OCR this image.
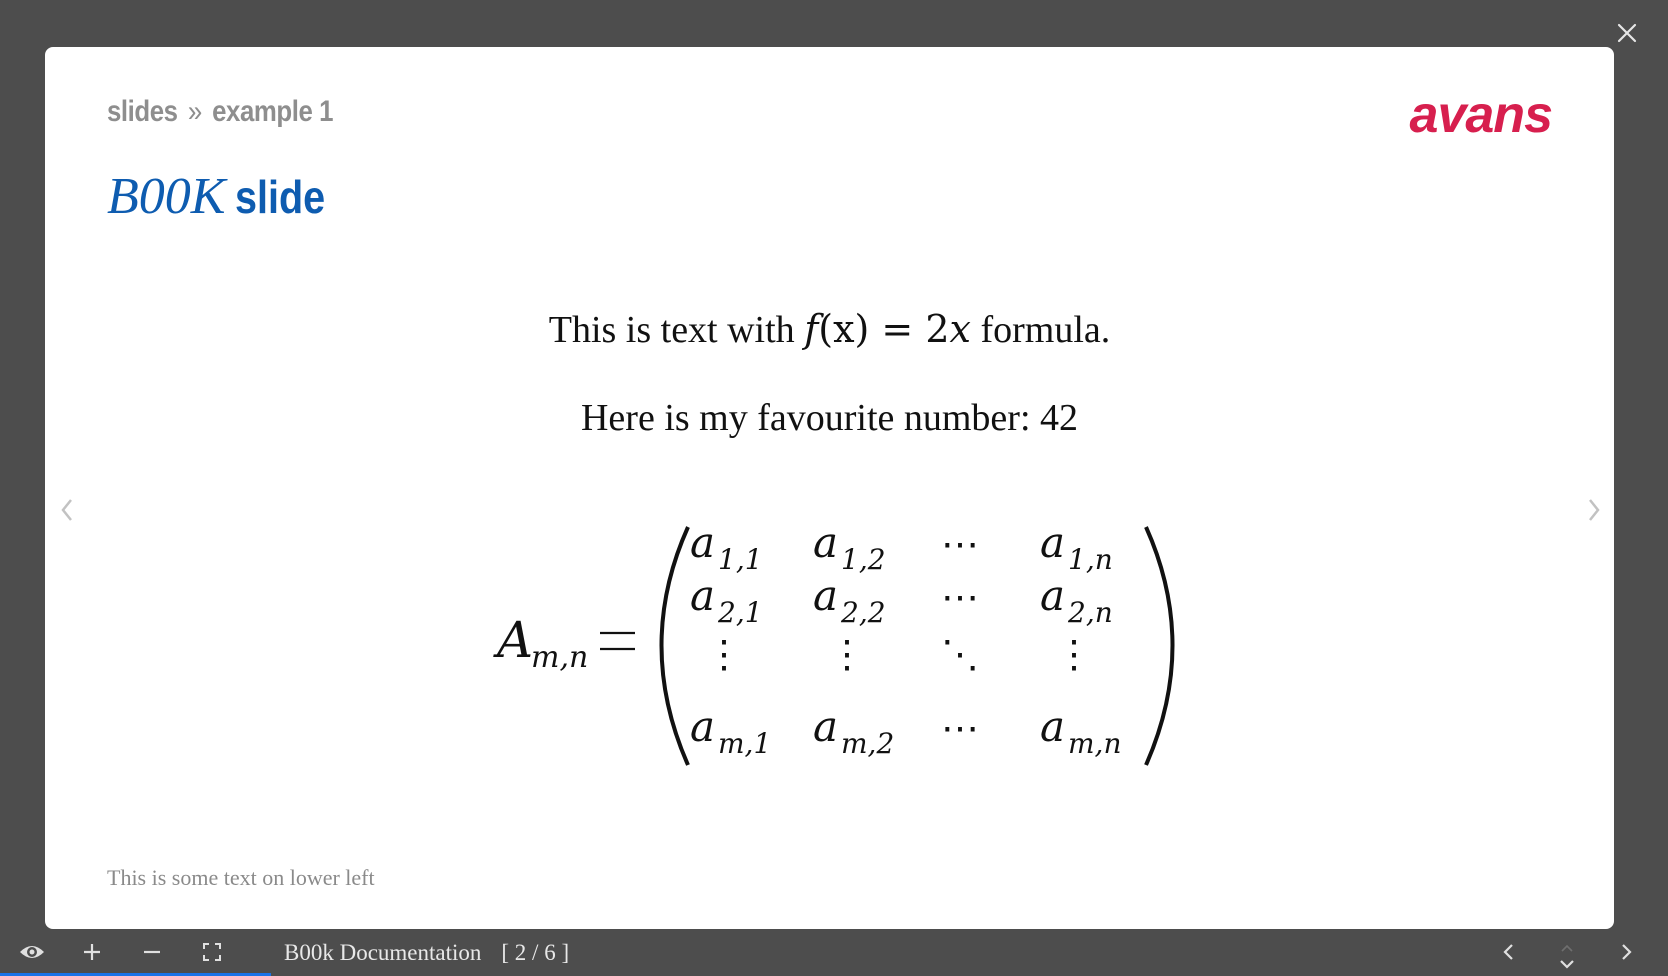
slides » example 1	avans
B00K slide
This is text with f(x) = 2x formula.
Here is my favourite number: 42
A
m,n
a 1,1 a 1,2 ⋯ a 1,n
a 2,1 a 2,2 ⋯ a 2,n
⋮ ⋮ ⋱ ⋮
a m,1 a m,2 ⋯ a m,n
This is some text on lower left
B00k Documentation [ 2 / 6 ]
